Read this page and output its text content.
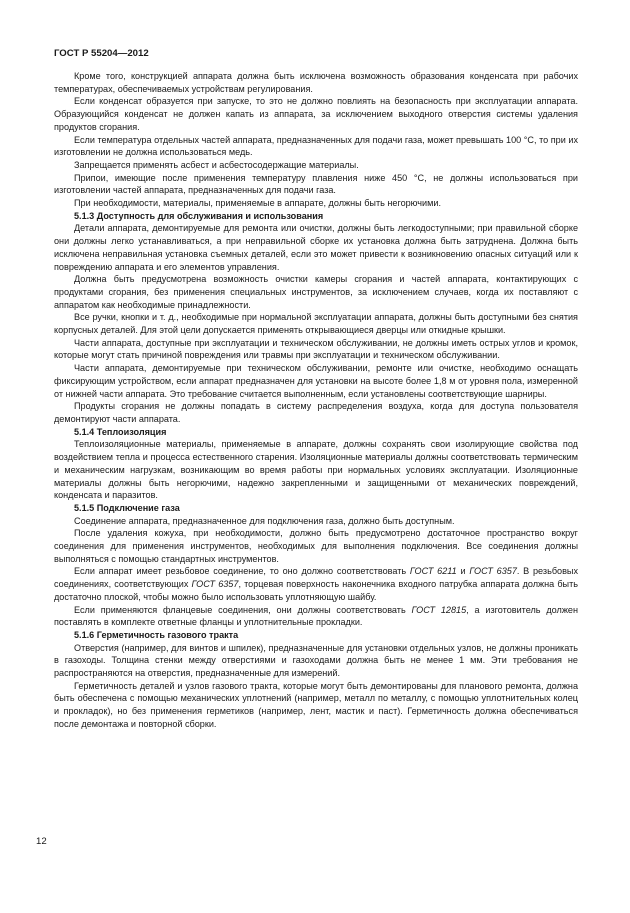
ГОСТ Р 55204—2012

Кроме того, конструкцией аппарата должна быть исключена возможность образования конденсата при рабочих температурах, обеспечиваемых устройствам регулирования.

Если конденсат образуется при запуске, то это не должно повлиять на безопасность при эксплуатации аппарата. Образующийся конденсат не должен капать из аппарата, за исключением выходного отверстия системы удаления продуктов сгорания.

Если температура отдельных частей аппарата, предназначенных для подачи газа, может превышать 100 °C, то при их изготовлении не должна использоваться медь.

Запрещается применять асбест и асбестосодержащие материалы.

Припои, имеющие после применения температуру плавления ниже 450 °C, не должны использоваться при изготовлении частей аппарата, предназначенных для подачи газа.

При необходимости, материалы, применяемые в аппарате, должны быть негорючими.

5.1.3 Доступность для обслуживания и использования

Детали аппарата, демонтируемые для ремонта или очистки, должны быть легкодоступными; при правильной сборке они должны легко устанавливаться, а при неправильной сборке их установка должна быть затруднена. Должна быть исключена неправильная установка съемных деталей, если это может привести к возникновению опасных ситуаций или к повреждению аппарата и его элементов управления.

Должна быть предусмотрена возможность очистки камеры сгорания и частей аппарата, контактирующих с продуктами сгорания, без применения специальных инструментов, за исключением случаев, когда их поставляют с аппаратом как необходимые принадлежности.

Все ручки, кнопки и т. д., необходимые при нормальной эксплуатации аппарата, должны быть доступными без снятия корпусных деталей. Для этой цели допускается применять открывающиеся дверцы или откидные крышки.

Части аппарата, доступные при эксплуатации и техническом обслуживании, не должны иметь острых углов и кромок, которые могут стать причиной повреждения или травмы при эксплуатации и техническом обслуживании.

Части аппарата, демонтируемые при техническом обслуживании, ремонте или очистке, необходимо оснащать фиксирующим устройством, если аппарат предназначен для установки на высоте более 1,8 м от уровня пола, измеренной от нижней части аппарата. Это требование считается выполненным, если установлены соответствующие шарниры.

Продукты сгорания не должны попадать в систему распределения воздуха, когда для доступа пользователя демонтируют части аппарата.

5.1.4 Теплоизоляция

Теплоизоляционные материалы, применяемые в аппарате, должны сохранять свои изолирующие свойства под воздействием тепла и процесса естественного старения. Изоляционные материалы должны соответствовать термическим и механическим нагрузкам, возникающим во время работы при нормальных условиях эксплуатации. Изоляционные материалы должны быть негорючими, надежно закрепленными и защищенными от механических повреждений, конденсата и паразитов.

5.1.5 Подключение газа

Соединение аппарата, предназначенное для подключения газа, должно быть доступным.

После удаления кожуха, при необходимости, должно быть предусмотрено достаточное пространство вокруг соединения для применения инструментов, необходимых для выполнения подключения. Все соединения должны выполняться с помощью стандартных инструментов.

Если аппарат имеет резьбовое соединение, то оно должно соответствовать ГОСТ 6211 и ГОСТ 6357. В резьбовых соединениях, соответствующих ГОСТ 6357, торцевая поверхность наконечника входного патрубка аппарата должна быть достаточно плоской, чтобы можно было использовать уплотняющую шайбу.

Если применяются фланцевые соединения, они должны соответствовать ГОСТ 12815, а изготовитель должен поставлять в комплекте ответные фланцы и уплотнительные прокладки.

5.1.6 Герметичность газового тракта

Отверстия (например, для винтов и шпилек), предназначенные для установки отдельных узлов, не должны проникать в газоходы. Толщина стенки между отверстиями и газоходами должна быть не менее 1 мм. Эти требования не распространяются на отверстия, предназначенные для измерений.

Герметичность деталей и узлов газового тракта, которые могут быть демонтированы для планового ремонта, должна быть обеспечена с помощью механических уплотнений (например, металл по металлу, с помощью уплотнительных колец и прокладок), но без применения герметиков (например, лент, мастик и паст). Герметичность должна обеспечиваться после демонтажа и повторной сборки.

12
